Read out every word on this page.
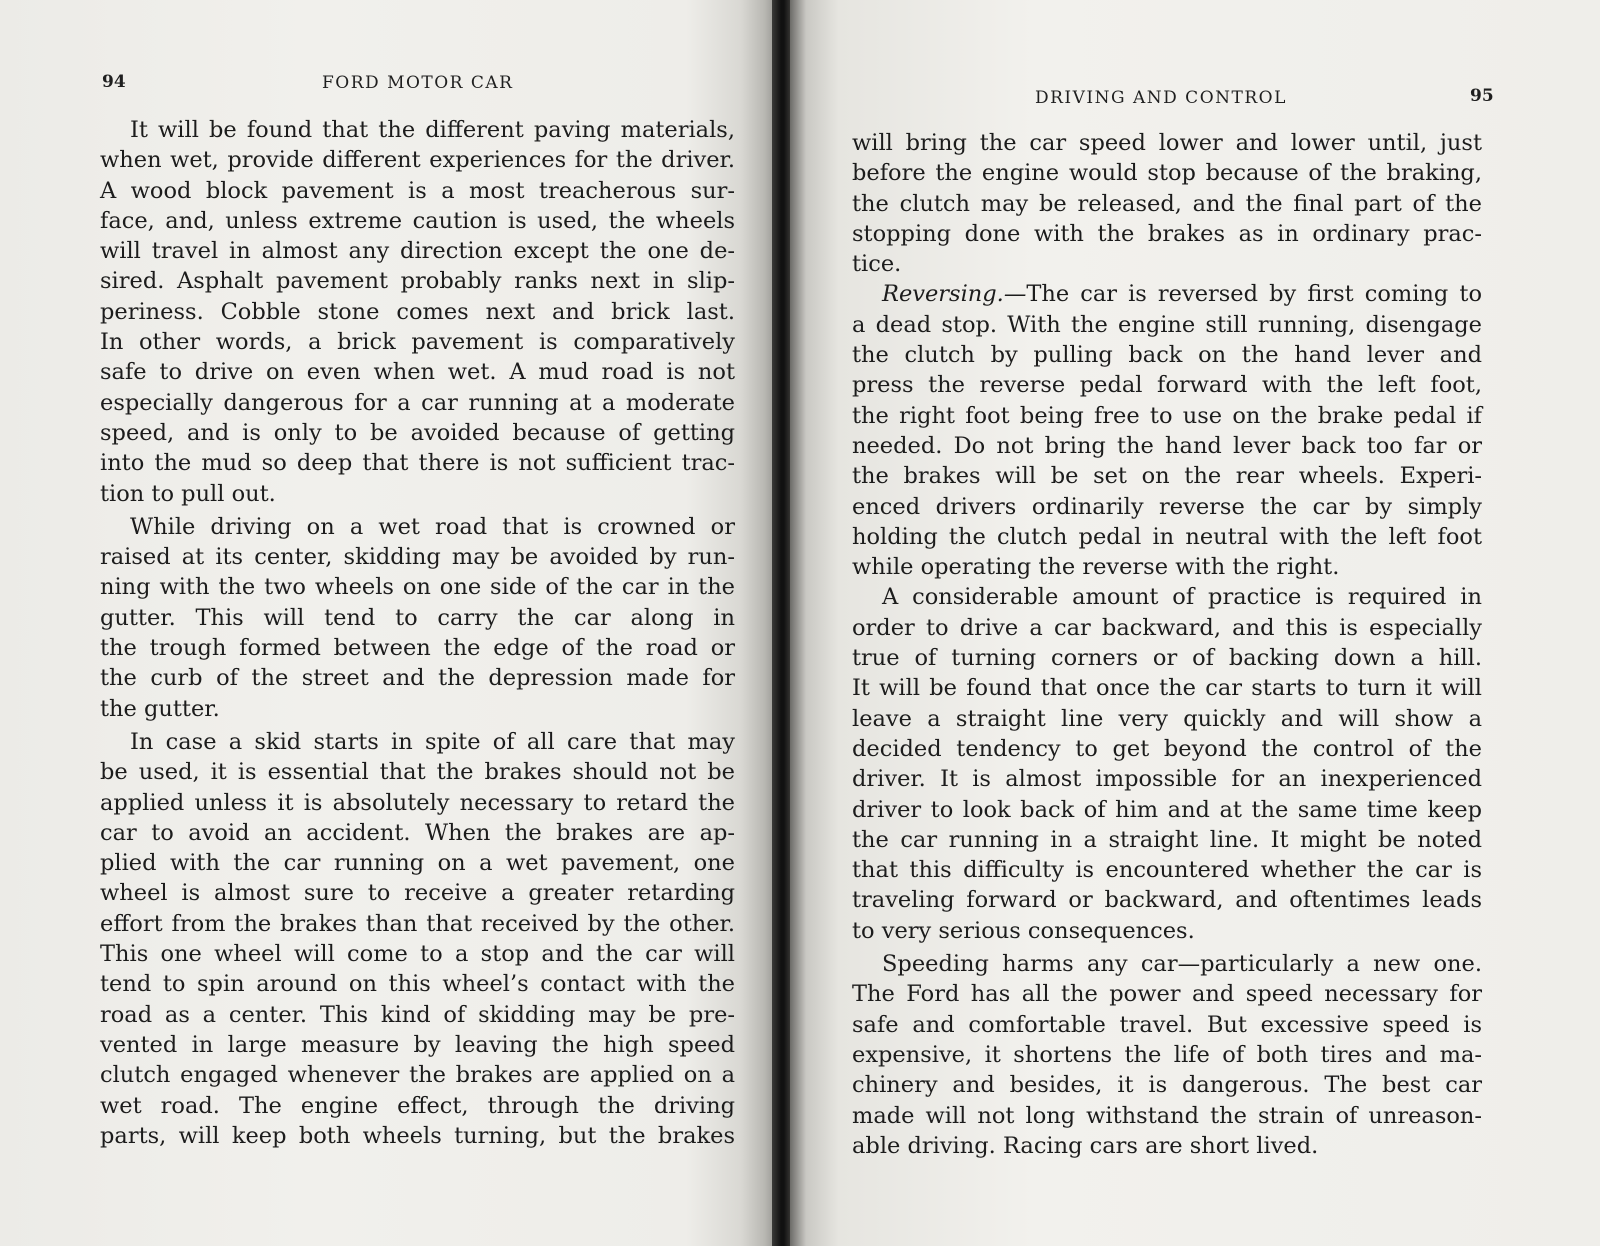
94	FORD MOTOR CAR
It will be found that the different paving materials,
when wet, provide different experiences for the driver.
A wood block pavement is a most treacherous sur-
face, and, unless extreme caution is used, the wheels
will travel in almost any direction except the one de-
sired. Asphalt pavement probably ranks next in slip-
periness. Cobble stone comes next and brick last.
In other words, a brick pavement is comparatively
safe to drive on even when wet. A mud road is not
especially dangerous for a car running at a moderate
speed, and is only to be avoided because of getting
into the mud so deep that there is not sufficient trac-
tion to pull out.
While driving on a wet road that is crowned or
raised at its center, skidding may be avoided by run-
ning with the two wheels on one side of the car in the
gutter. This will tend to carry the car along in
the trough formed between the edge of the road or
the curb of the street and the depression made for
the gutter.
In case a skid starts in spite of all care that may
be used, it is essential that the brakes should not be
applied unless it is absolutely necessary to retard the
car to avoid an accident. When the brakes are ap-
plied with the car running on a wet pavement, one
wheel is almost sure to receive a greater retarding
effort from the brakes than that received by the other.
This one wheel will come to a stop and the car will
tend to spin around on this wheel’s contact with the
road as a center. This kind of skidding may be pre-
vented in large measure by leaving the high speed
clutch engaged whenever the brakes are applied on a
wet road. The engine effect, through the driving
parts, will keep both wheels turning, but the brakes
DRIVING AND CONTROL	95
will bring the car speed lower and lower until, just
before the engine would stop because of the braking,
the clutch may be released, and the final part of the
stopping done with the brakes as in ordinary prac-
tice.
Reversing.—The car is reversed by first coming to
a dead stop. With the engine still running, disengage
the clutch by pulling back on the hand lever and
press the reverse pedal forward with the left foot,
the right foot being free to use on the brake pedal if
needed. Do not bring the hand lever back too far or
the brakes will be set on the rear wheels. Experi-
enced drivers ordinarily reverse the car by simply
holding the clutch pedal in neutral with the left foot
while operating the reverse with the right.
A considerable amount of practice is required in
order to drive a car backward, and this is especially
true of turning corners or of backing down a hill.
It will be found that once the car starts to turn it will
leave a straight line very quickly and will show a
decided tendency to get beyond the control of the
driver. It is almost impossible for an inexperienced
driver to look back of him and at the same time keep
the car running in a straight line. It might be noted
that this difficulty is encountered whether the car is
traveling forward or backward, and oftentimes leads
to very serious consequences.
Speeding harms any car—particularly a new one.
The Ford has all the power and speed necessary for
safe and comfortable travel. But excessive speed is
expensive, it shortens the life of both tires and ma-
chinery and besides, it is dangerous. The best car
made will not long withstand the strain of unreason-
able driving. Racing cars are short lived.
